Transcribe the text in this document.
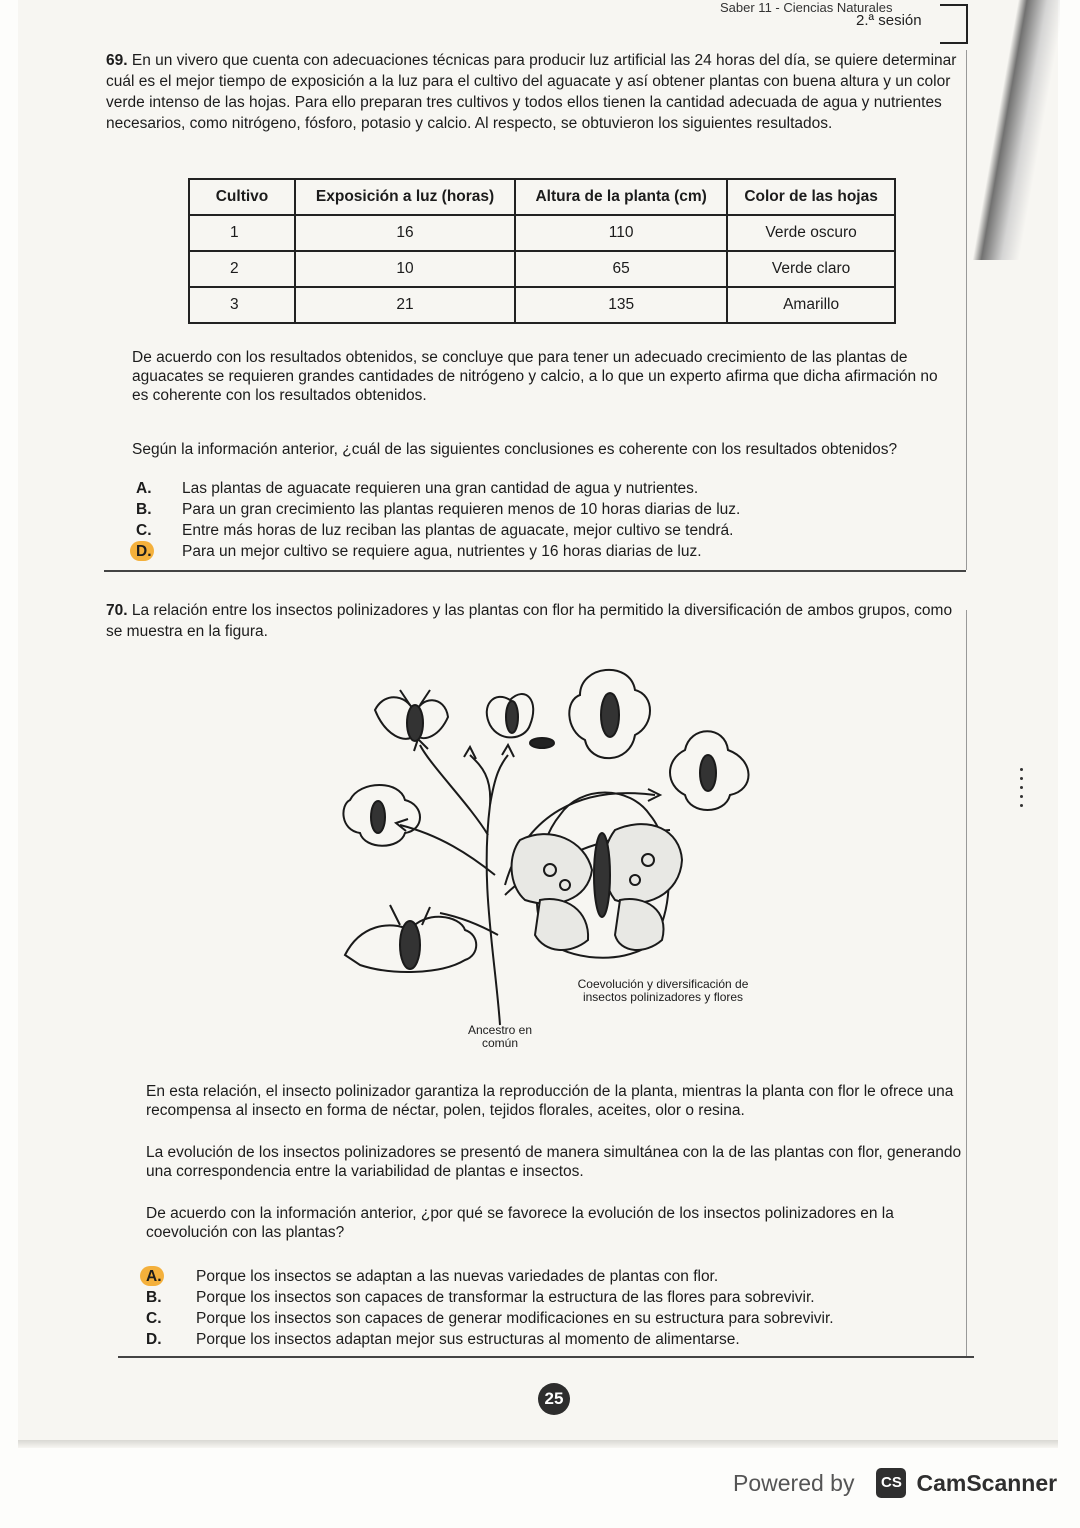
Saber 11 - Ciencias Naturales
2.ª sesión
69. En un vivero que cuenta con adecuaciones técnicas para producir luz artificial las 24 horas del día, se quiere determinar cuál es el mejor tiempo de exposición a la luz para el cultivo del aguacate y así obtener plantas con buena altura y un color verde intenso de las hojas. Para ello preparan tres cultivos y todos ellos tienen la cantidad adecuada de agua y nutrientes necesarios, como nitrógeno, fósforo, potasio y calcio. Al respecto, se obtuvieron los siguientes resultados.
Cultivo	Exposición a luz (horas)	Altura de la planta (cm)	Color de las hojas
1	16	110	Verde oscuro
2	10	65	Verde claro
3	21	135	Amarillo
De acuerdo con los resultados obtenidos, se concluye que para tener un adecuado crecimiento de las plantas de aguacates se requieren grandes cantidades de nitrógeno y calcio, a lo que un experto afirma que dicha afirmación no es coherente con los resultados obtenidos.
Según la información anterior, ¿cuál de las siguientes conclusiones es coherente con los resultados obtenidos?
A.	Las plantas de aguacate requieren una gran cantidad de agua y nutrientes.
B.	Para un gran crecimiento las plantas requieren menos de 10 horas diarias de luz.
C.	Entre más horas de luz reciban las plantas de aguacate, mejor cultivo se tendrá.
D.	Para un mejor cultivo se requiere agua, nutrientes y 16 horas diarias de luz.
70. La relación entre los insectos polinizadores y las plantas con flor ha permitido la diversificación de ambos grupos, como se muestra en la figura.
Coevolución y diversificación de insectos polinizadores y flores
Ancestro en común
En esta relación, el insecto polinizador garantiza la reproducción de la planta, mientras la planta con flor le ofrece una recompensa al insecto en forma de néctar, polen, tejidos florales, aceites, olor o resina.
La evolución de los insectos polinizadores se presentó de manera simultánea con la de las plantas con flor, generando una correspondencia entre la variabilidad de plantas e insectos.
De acuerdo con la información anterior, ¿por qué se favorece la evolución de los insectos polinizadores en la coevolución con las plantas?
A.	Porque los insectos se adaptan a las nuevas variedades de plantas con flor.
B.	Porque los insectos son capaces de transformar la estructura de las flores para sobrevivir.
C.	Porque los insectos son capaces de generar modificaciones en su estructura para sobrevivir.
D.	Porque los insectos adaptan mejor sus estructuras al momento de alimentarse.
25
Powered by	CS CamScanner
